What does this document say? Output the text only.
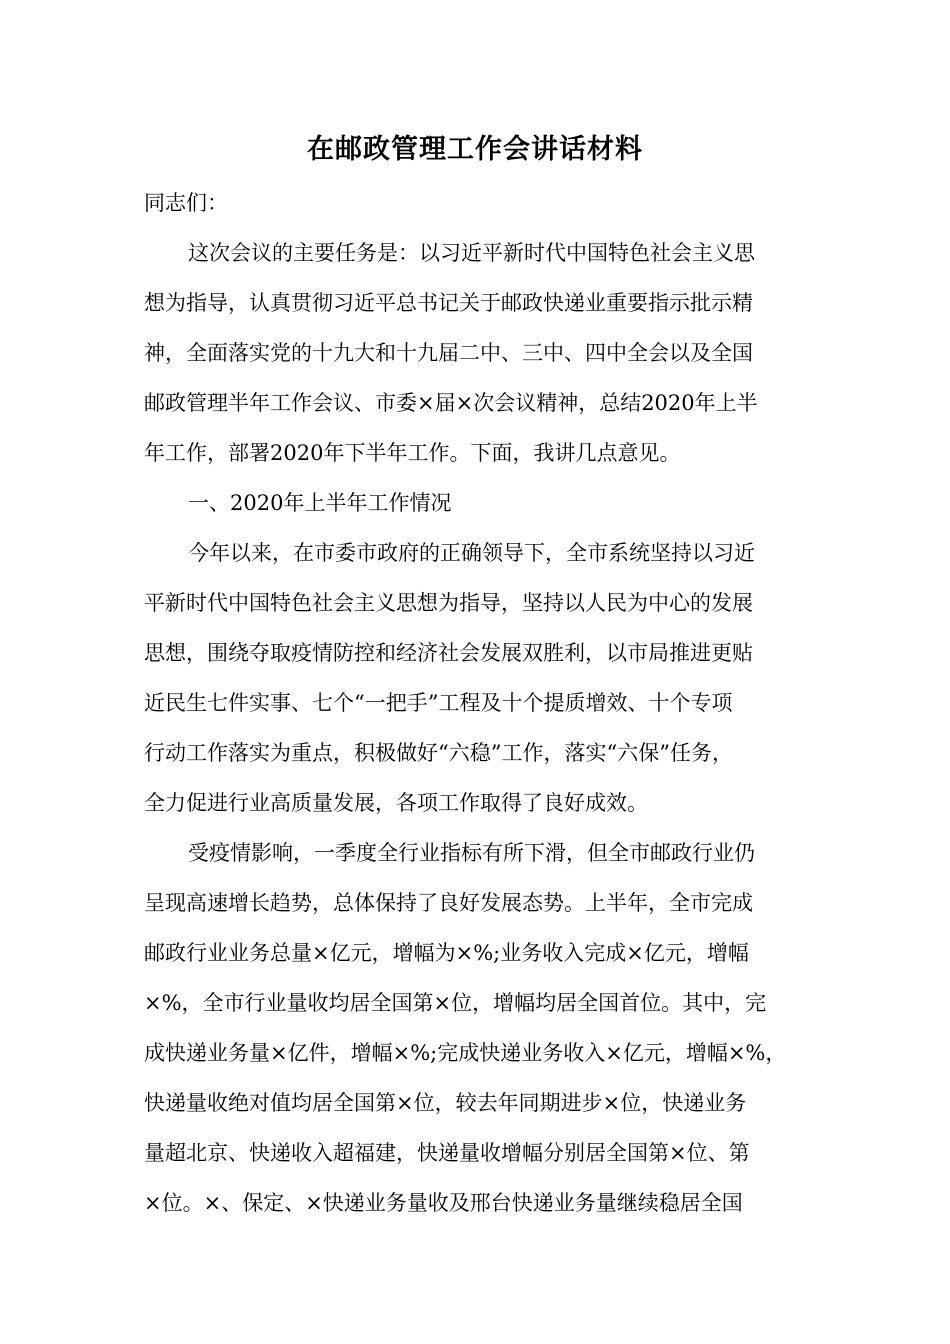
在邮政管理工作会讲话材料
同志们：
这次会议的主要任务是：以习近平新时代中国特色社会主义思
想为指导，认真贯彻习近平总书记关于邮政快递业重要指示批示精
神，全面落实党的十九大和十九届二中、三中、四中全会以及全国
邮政管理半年工作会议、市委×届×次会议精神，总结2020年上半
年工作，部署2020年下半年工作。下面，我讲几点意见。
一、2020年上半年工作情况
今年以来，在市委市政府的正确领导下，全市系统坚持以习近
平新时代中国特色社会主义思想为指导，坚持以人民为中心的发展
思想，围绕夺取疫情防控和经济社会发展双胜利，以市局推进更贴
近民生七件实事、七个“一把手”工程及十个提质增效、十个专项
行动工作落实为重点，积极做好“六稳”工作，落实“六保”任务，
全力促进行业高质量发展，各项工作取得了良好成效。
受疫情影响，一季度全行业指标有所下滑，但全市邮政行业仍
呈现高速增长趋势，总体保持了良好发展态势。上半年，全市完成
邮政行业业务总量×亿元，增幅为×%;业务收入完成×亿元，增幅
×%，全市行业量收均居全国第×位，增幅均居全国首位。其中，完
成快递业务量×亿件，增幅×%;完成快递业务收入×亿元，增幅×%，
快递量收绝对值均居全国第×位，较去年同期进步×位，快递业务
量超北京、快递收入超福建，快递量收增幅分别居全国第×位、第
×位。×、保定、×快递业务量收及邢台快递业务量继续稳居全国
